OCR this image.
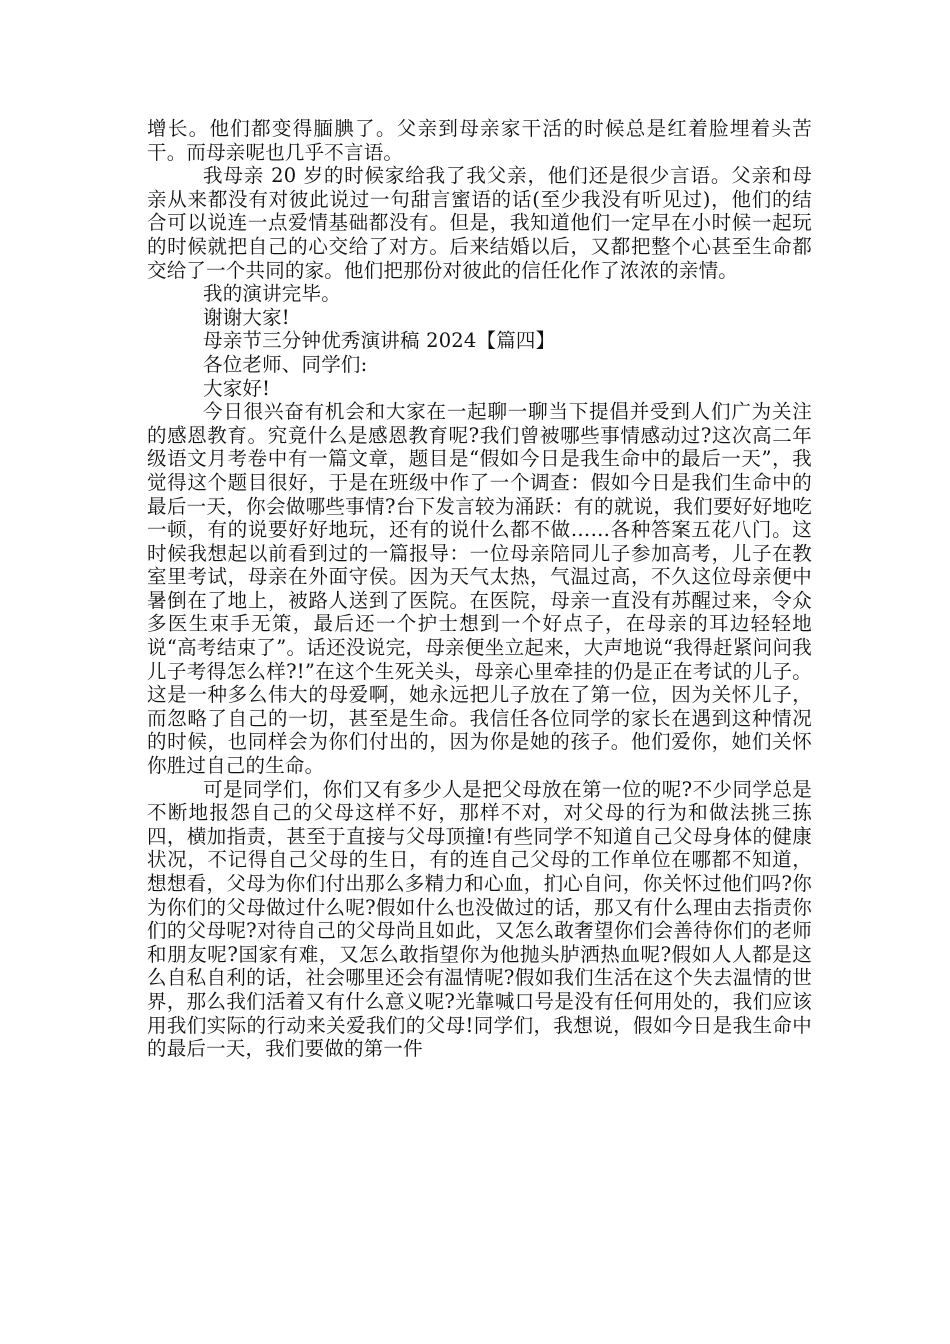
增长。他们都变得腼腆了。父亲到母亲家干活的时候总是红着脸埋着头苦干。而母亲呢也几乎不言语。

我母亲 20 岁的时候家给我了我父亲，他们还是很少言语。父亲和母亲从来都没有对彼此说过一句甜言蜜语的话(至少我没有听见过)，他们的结合可以说连一点爱情基础都没有。但是，我知道他们一定早在小时候一起玩的时候就把自己的心交给了对方。后来结婚以后，又都把整个心甚至生命都交给了一个共同的家。他们把那份对彼此的信任化作了浓浓的亲情。

我的演讲完毕。

谢谢大家!

母亲节三分钟优秀演讲稿 2024【篇四】

各位老师、同学们:

大家好!

今日很兴奋有机会和大家在一起聊一聊当下提倡并受到人们广为关注的感恩教育。究竟什么是感恩教育呢?我们曾被哪些事情感动过?这次高二年级语文月考卷中有一篇文章，题目是“假如今日是我生命中的最后一天”，我觉得这个题目很好，于是在班级中作了一个调查：假如今日是我们生命中的最后一天，你会做哪些事情?台下发言较为涌跃：有的就说，我们要好好地吃一顿，有的说要好好地玩，还有的说什么都不做……各种答案五花八门。这时候我想起以前看到过的一篇报导：一位母亲陪同儿子参加高考，儿子在教室里考试，母亲在外面守侯。因为天气太热，气温过高，不久这位母亲便中暑倒在了地上，被路人送到了医院。在医院，母亲一直没有苏醒过来，令众多医生束手无策，最后还一个护士想到一个好点子，在母亲的耳边轻轻地说“高考结束了”。话还没说完，母亲便坐立起来，大声地说“我得赶紧问问我儿子考得怎么样?!”在这个生死关头，母亲心里牵挂的仍是正在考试的儿子。这是一种多么伟大的母爱啊，她永远把儿子放在了第一位，因为关怀儿子，而忽略了自己的一切，甚至是生命。我信任各位同学的家长在遇到这种情况的时候，也同样会为你们付出的，因为你是她的孩子。他们爱你，她们关怀你胜过自己的生命。

可是同学们，你们又有多少人是把父母放在第一位的呢?不少同学总是不断地报怨自己的父母这样不好，那样不对，对父母的行为和做法挑三拣四，横加指责，甚至于直接与父母顶撞!有些同学不知道自己父母身体的健康状况，不记得自己父母的生日，有的连自己父母的工作单位在哪都不知道，想想看，父母为你们付出那么多精力和心血，扪心自问，你关怀过他们吗?你为你们的父母做过什么呢?假如什么也没做过的话，那又有什么理由去指责你们的父母呢?对待自己的父母尚且如此，又怎么敢奢望你们会善待你们的老师和朋友呢?国家有难，又怎么敢指望你为他抛头胪洒热血呢?假如人人都是这么自私自利的话，社会哪里还会有温情呢?假如我们生活在这个失去温情的世界，那么我们活着又有什么意义呢?光靠喊口号是没有任何用处的，我们应该用我们实际的行动来关爱我们的父母!同学们，我想说，假如今日是我生命中的最后一天，我们要做的第一件
